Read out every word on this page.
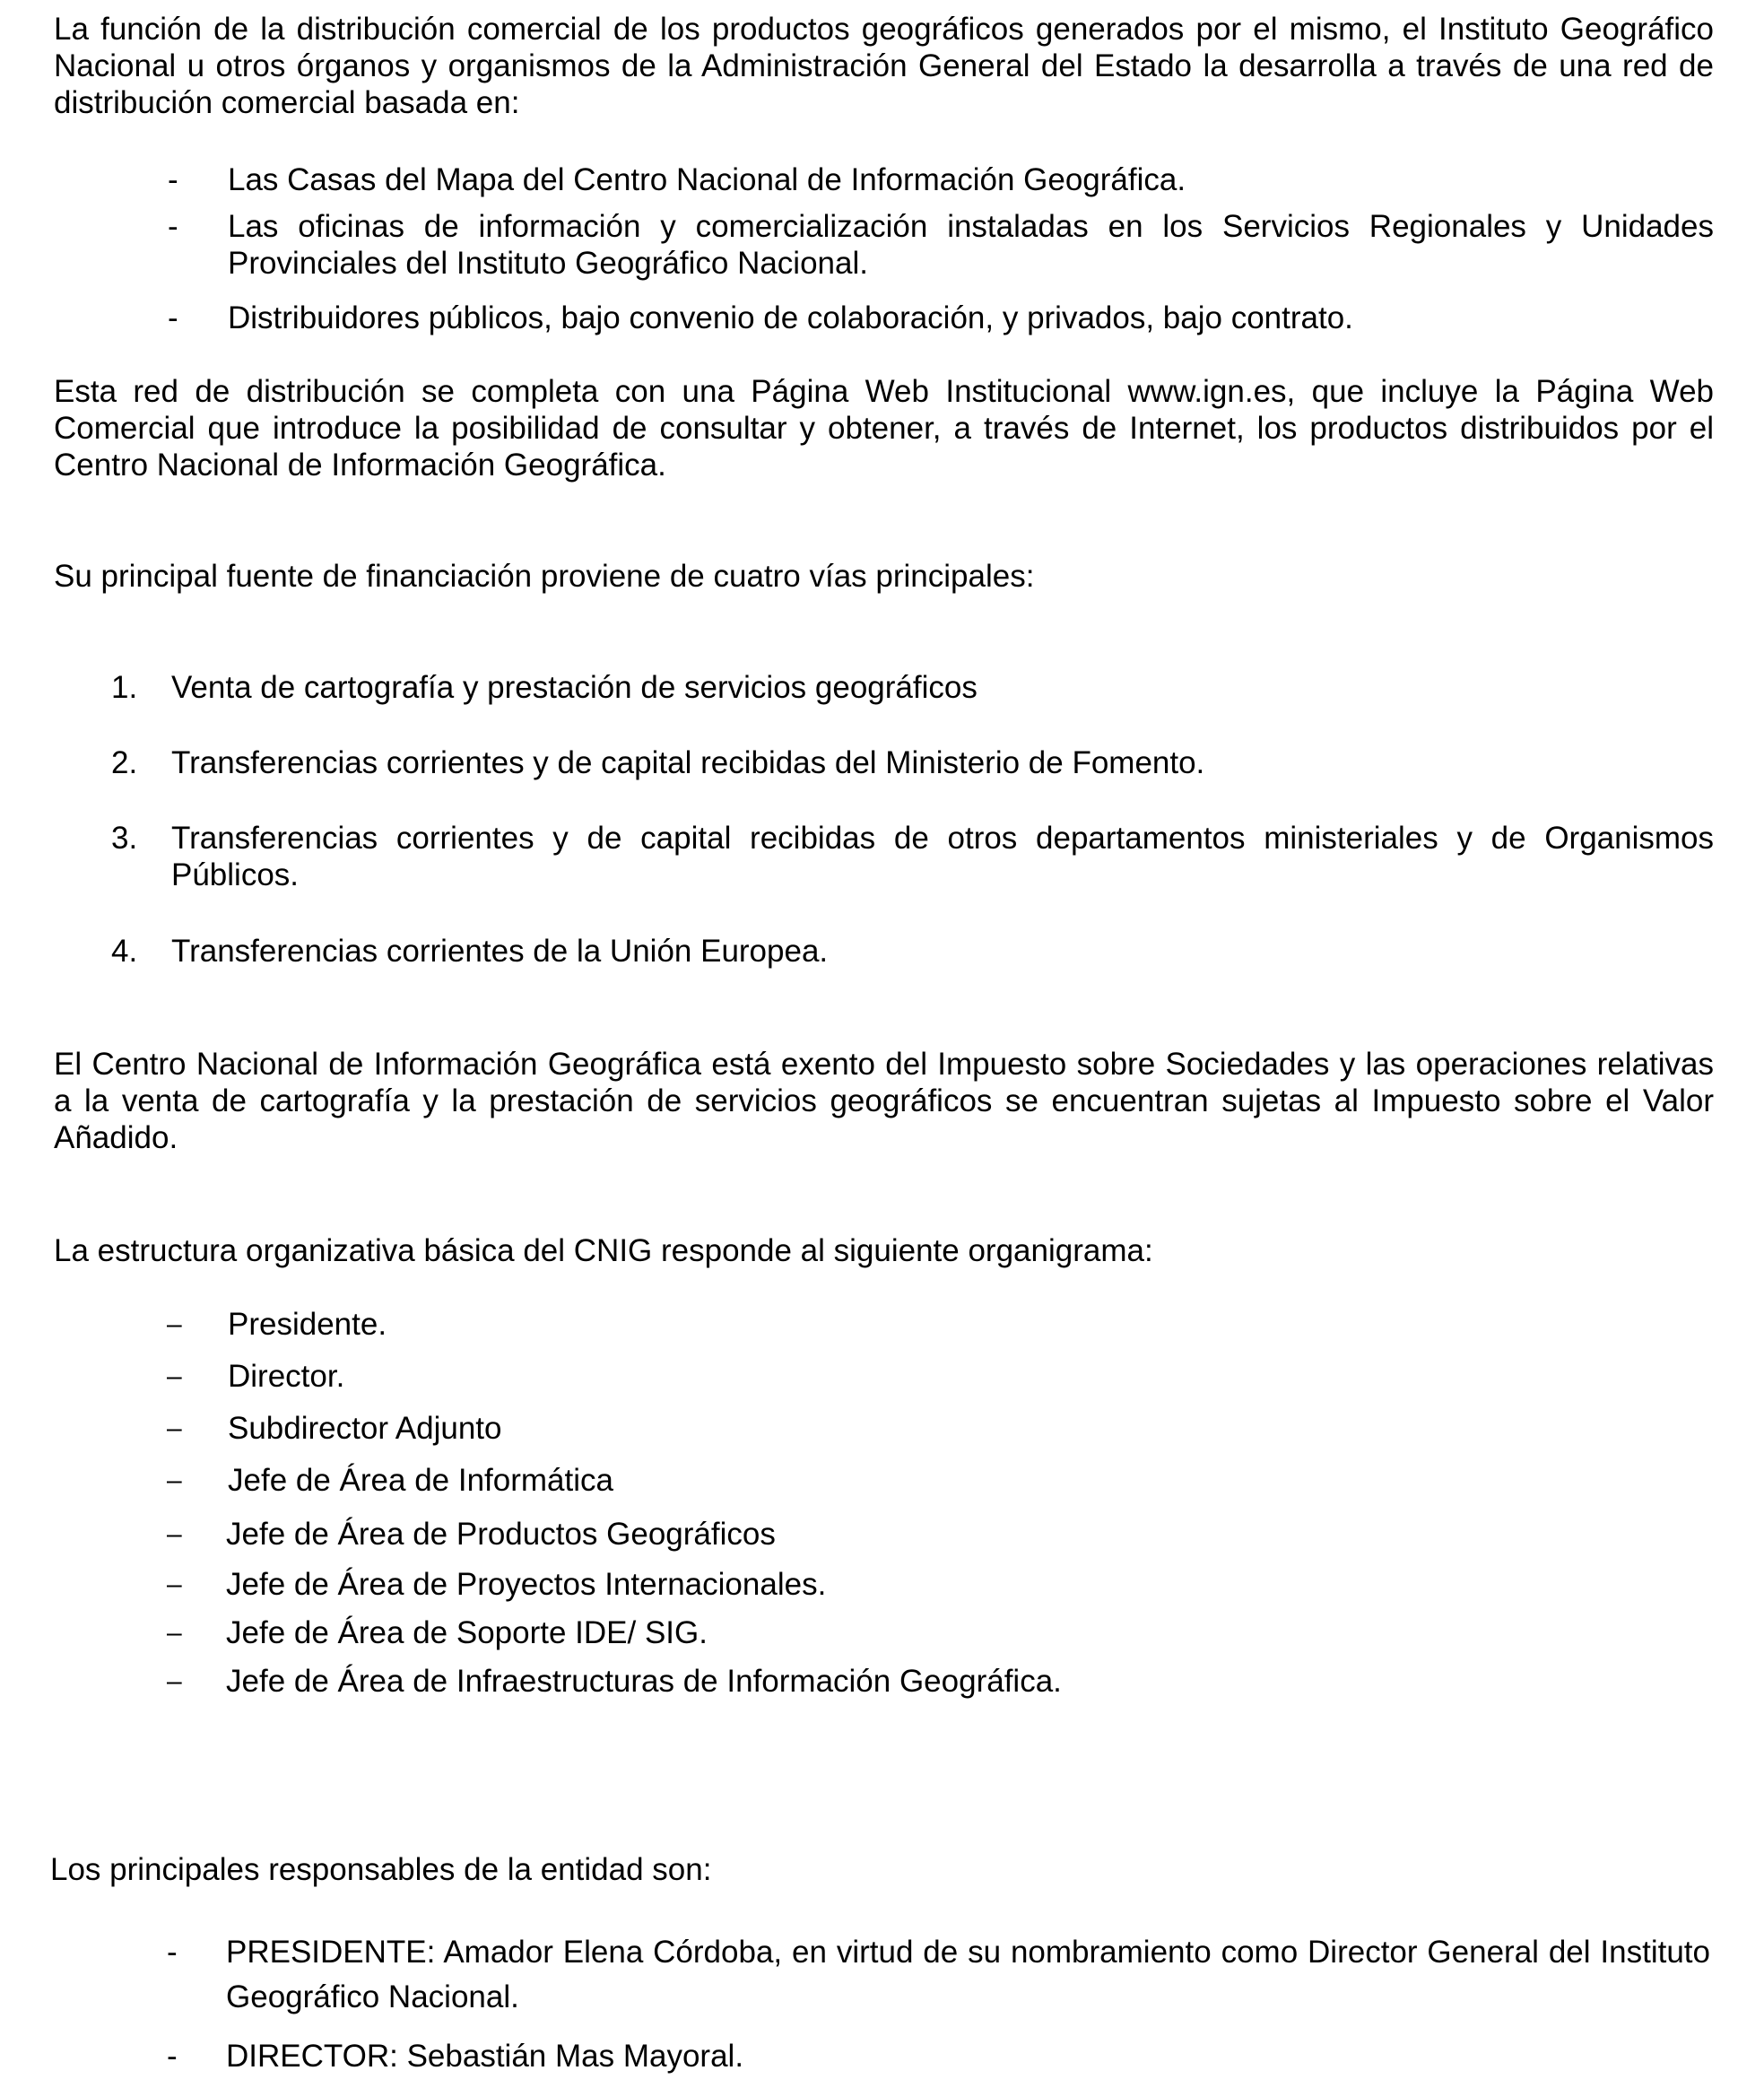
La función de la distribución comercial de los productos geográficos generados por el mismo, el Instituto Geográfico Nacional u otros órganos y organismos de la Administración General del Estado la desarrolla a través de una red de distribución comercial basada en:

- Las Casas del Mapa del Centro Nacional de Información Geográfica.
- Las oficinas de información y comercialización instaladas en los Servicios Regionales y Unidades Provinciales del Instituto Geográfico Nacional.
- Distribuidores públicos, bajo convenio de colaboración, y privados, bajo contrato.

Esta red de distribución se completa con una Página Web Institucional www.ign.es, que incluye la Página Web Comercial que introduce la posibilidad de consultar y obtener, a través de Internet, los productos distribuidos por el Centro Nacional de Información Geográfica.

Su principal fuente de financiación proviene de cuatro vías principales:

1. Venta de cartografía y prestación de servicios geográficos
2. Transferencias corrientes y de capital recibidas del Ministerio de Fomento.
3. Transferencias corrientes y de capital recibidas de otros departamentos ministeriales y de Organismos Públicos.
4. Transferencias corrientes de la Unión Europea.

El Centro Nacional de Información Geográfica está exento del Impuesto sobre Sociedades y las operaciones relativas a la venta de cartografía y la prestación de servicios geográficos se encuentran sujetas al Impuesto sobre el Valor Añadido.

La estructura organizativa básica del CNIG responde al siguiente organigrama:

– Presidente.
– Director.
– Subdirector Adjunto
– Jefe de Área de Informática
– Jefe de Área de Productos Geográficos
– Jefe de Área de Proyectos Internacionales.
– Jefe de Área de Soporte IDE/ SIG.
– Jefe de Área de Infraestructuras de Información Geográfica.

Los principales responsables de la entidad son:

- PRESIDENTE: Amador Elena Córdoba, en virtud de su nombramiento como Director General del Instituto Geográfico Nacional.
- DIRECTOR: Sebastián Mas Mayoral.
